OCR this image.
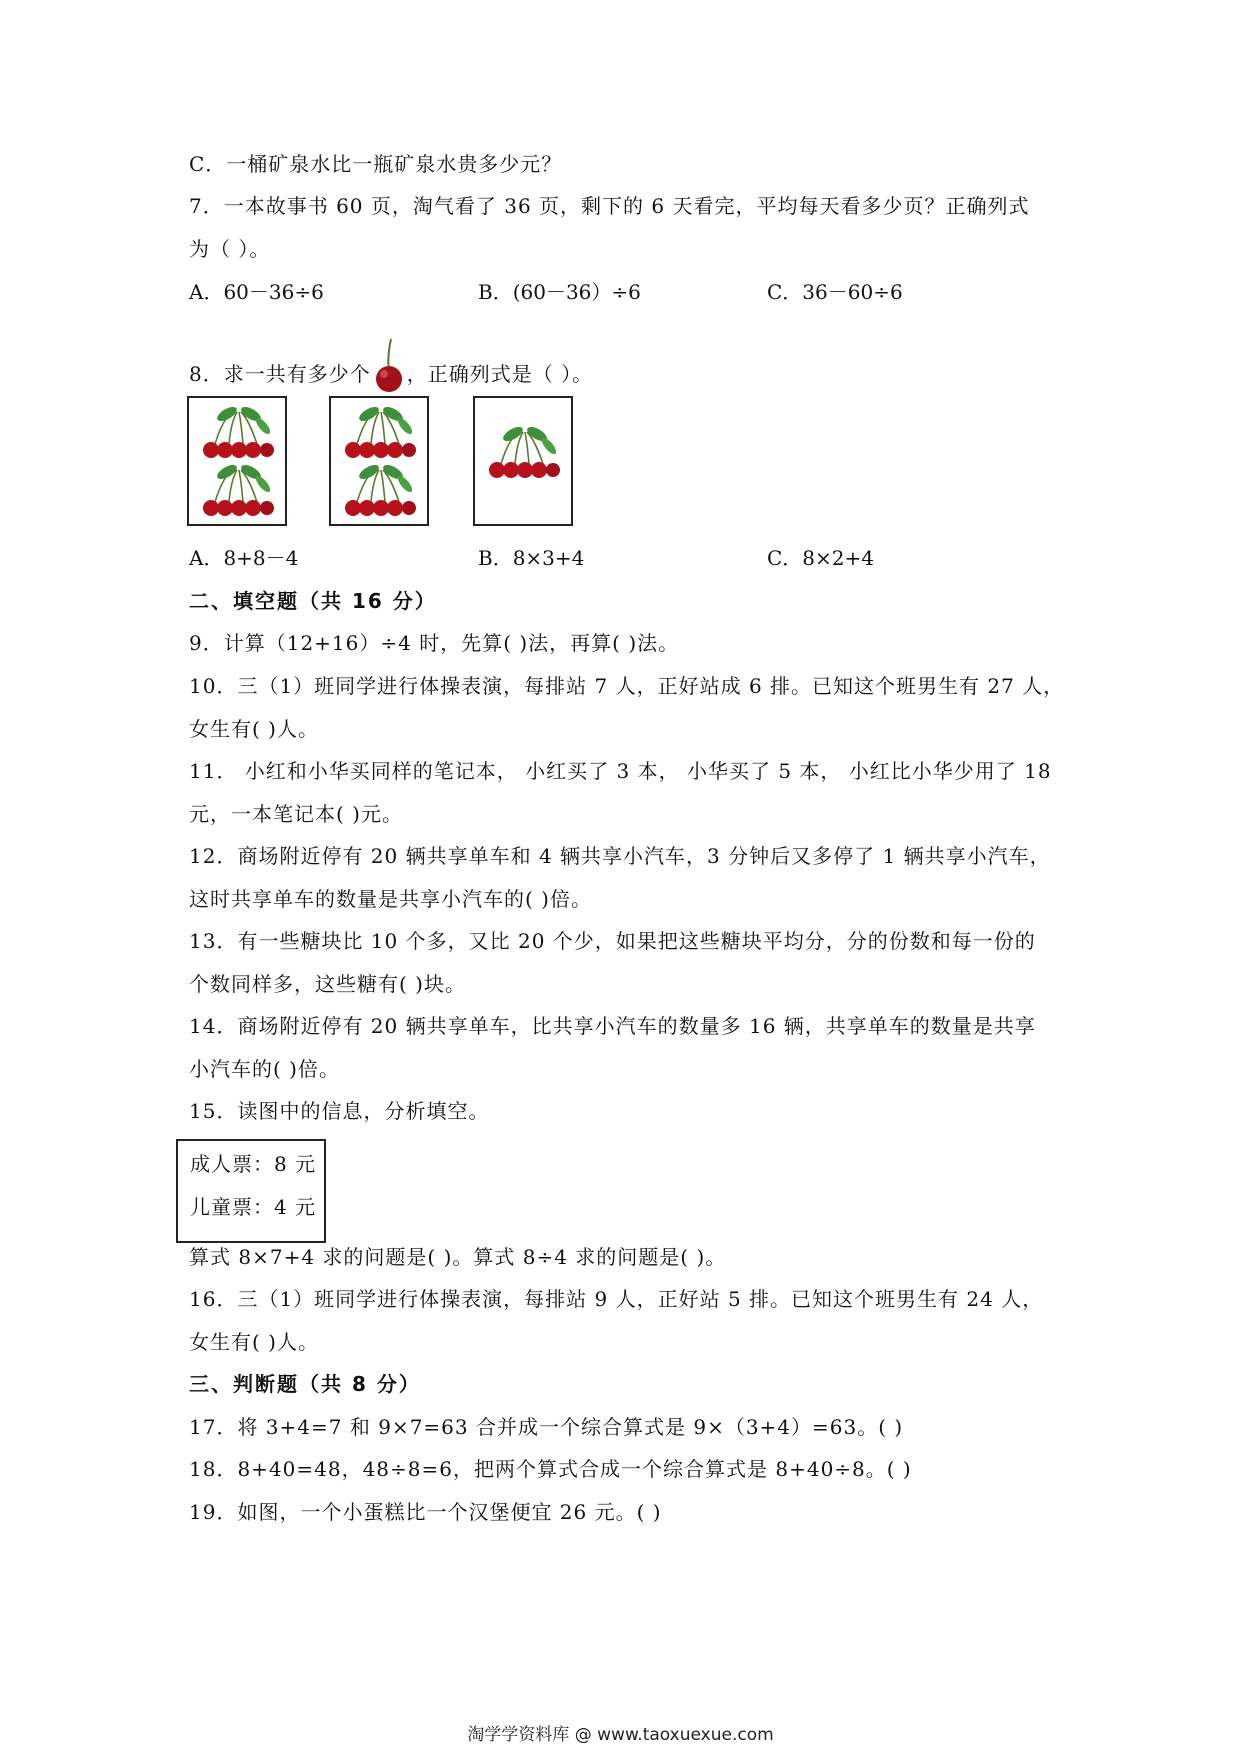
C．一桶矿泉水比一瓶矿泉水贵多少元？
7．一本故事书 60 页，淘气看了 36 页，剩下的 6 天看完，平均每天看多少页？正确列式
为（ ）。
A．60－36÷6	B．(60－36）÷6	C．36－60÷6
8．求一共有多少个 ，正确列式是（ ）。
A．8+8－4	B．8×3+4	C．8×2+4
二、填空题（共 16 分）
9．计算（12+16）÷4 时，先算( )法，再算( )法。
10．三（1）班同学进行体操表演，每排站 7 人，正好站成 6 排。已知这个班男生有 27 人，
女生有( )人。
11． 小红和小华买同样的笔记本， 小红买了 3 本， 小华买了 5 本， 小红比小华少用了 18
元，一本笔记本( )元。
12．商场附近停有 20 辆共享单车和 4 辆共享小汽车，3 分钟后又多停了 1 辆共享小汽车，
这时共享单车的数量是共享小汽车的( )倍。
13．有一些糖块比 10 个多，又比 20 个少，如果把这些糖块平均分，分的份数和每一份的
个数同样多，这些糖有( )块。
14．商场附近停有 20 辆共享单车，比共享小汽车的数量多 16 辆，共享单车的数量是共享
小汽车的( )倍。
15．读图中的信息，分析填空。
成人票：8 元
儿童票：4 元
算式 8×7+4 求的问题是( )。算式 8÷4 求的问题是( )。
16．三（1）班同学进行体操表演，每排站 9 人，正好站 5 排。已知这个班男生有 24 人，
女生有( )人。
三、判断题（共 8 分）
17．将 3+4=7 和 9×7=63 合并成一个综合算式是 9×（3+4）=63。( )
18．8+40=48，48÷8=6，把两个算式合成一个综合算式是 8+40÷8。( )
19．如图，一个小蛋糕比一个汉堡便宜 26 元。( )
淘学学资料库 @ www.taoxuexue.com
